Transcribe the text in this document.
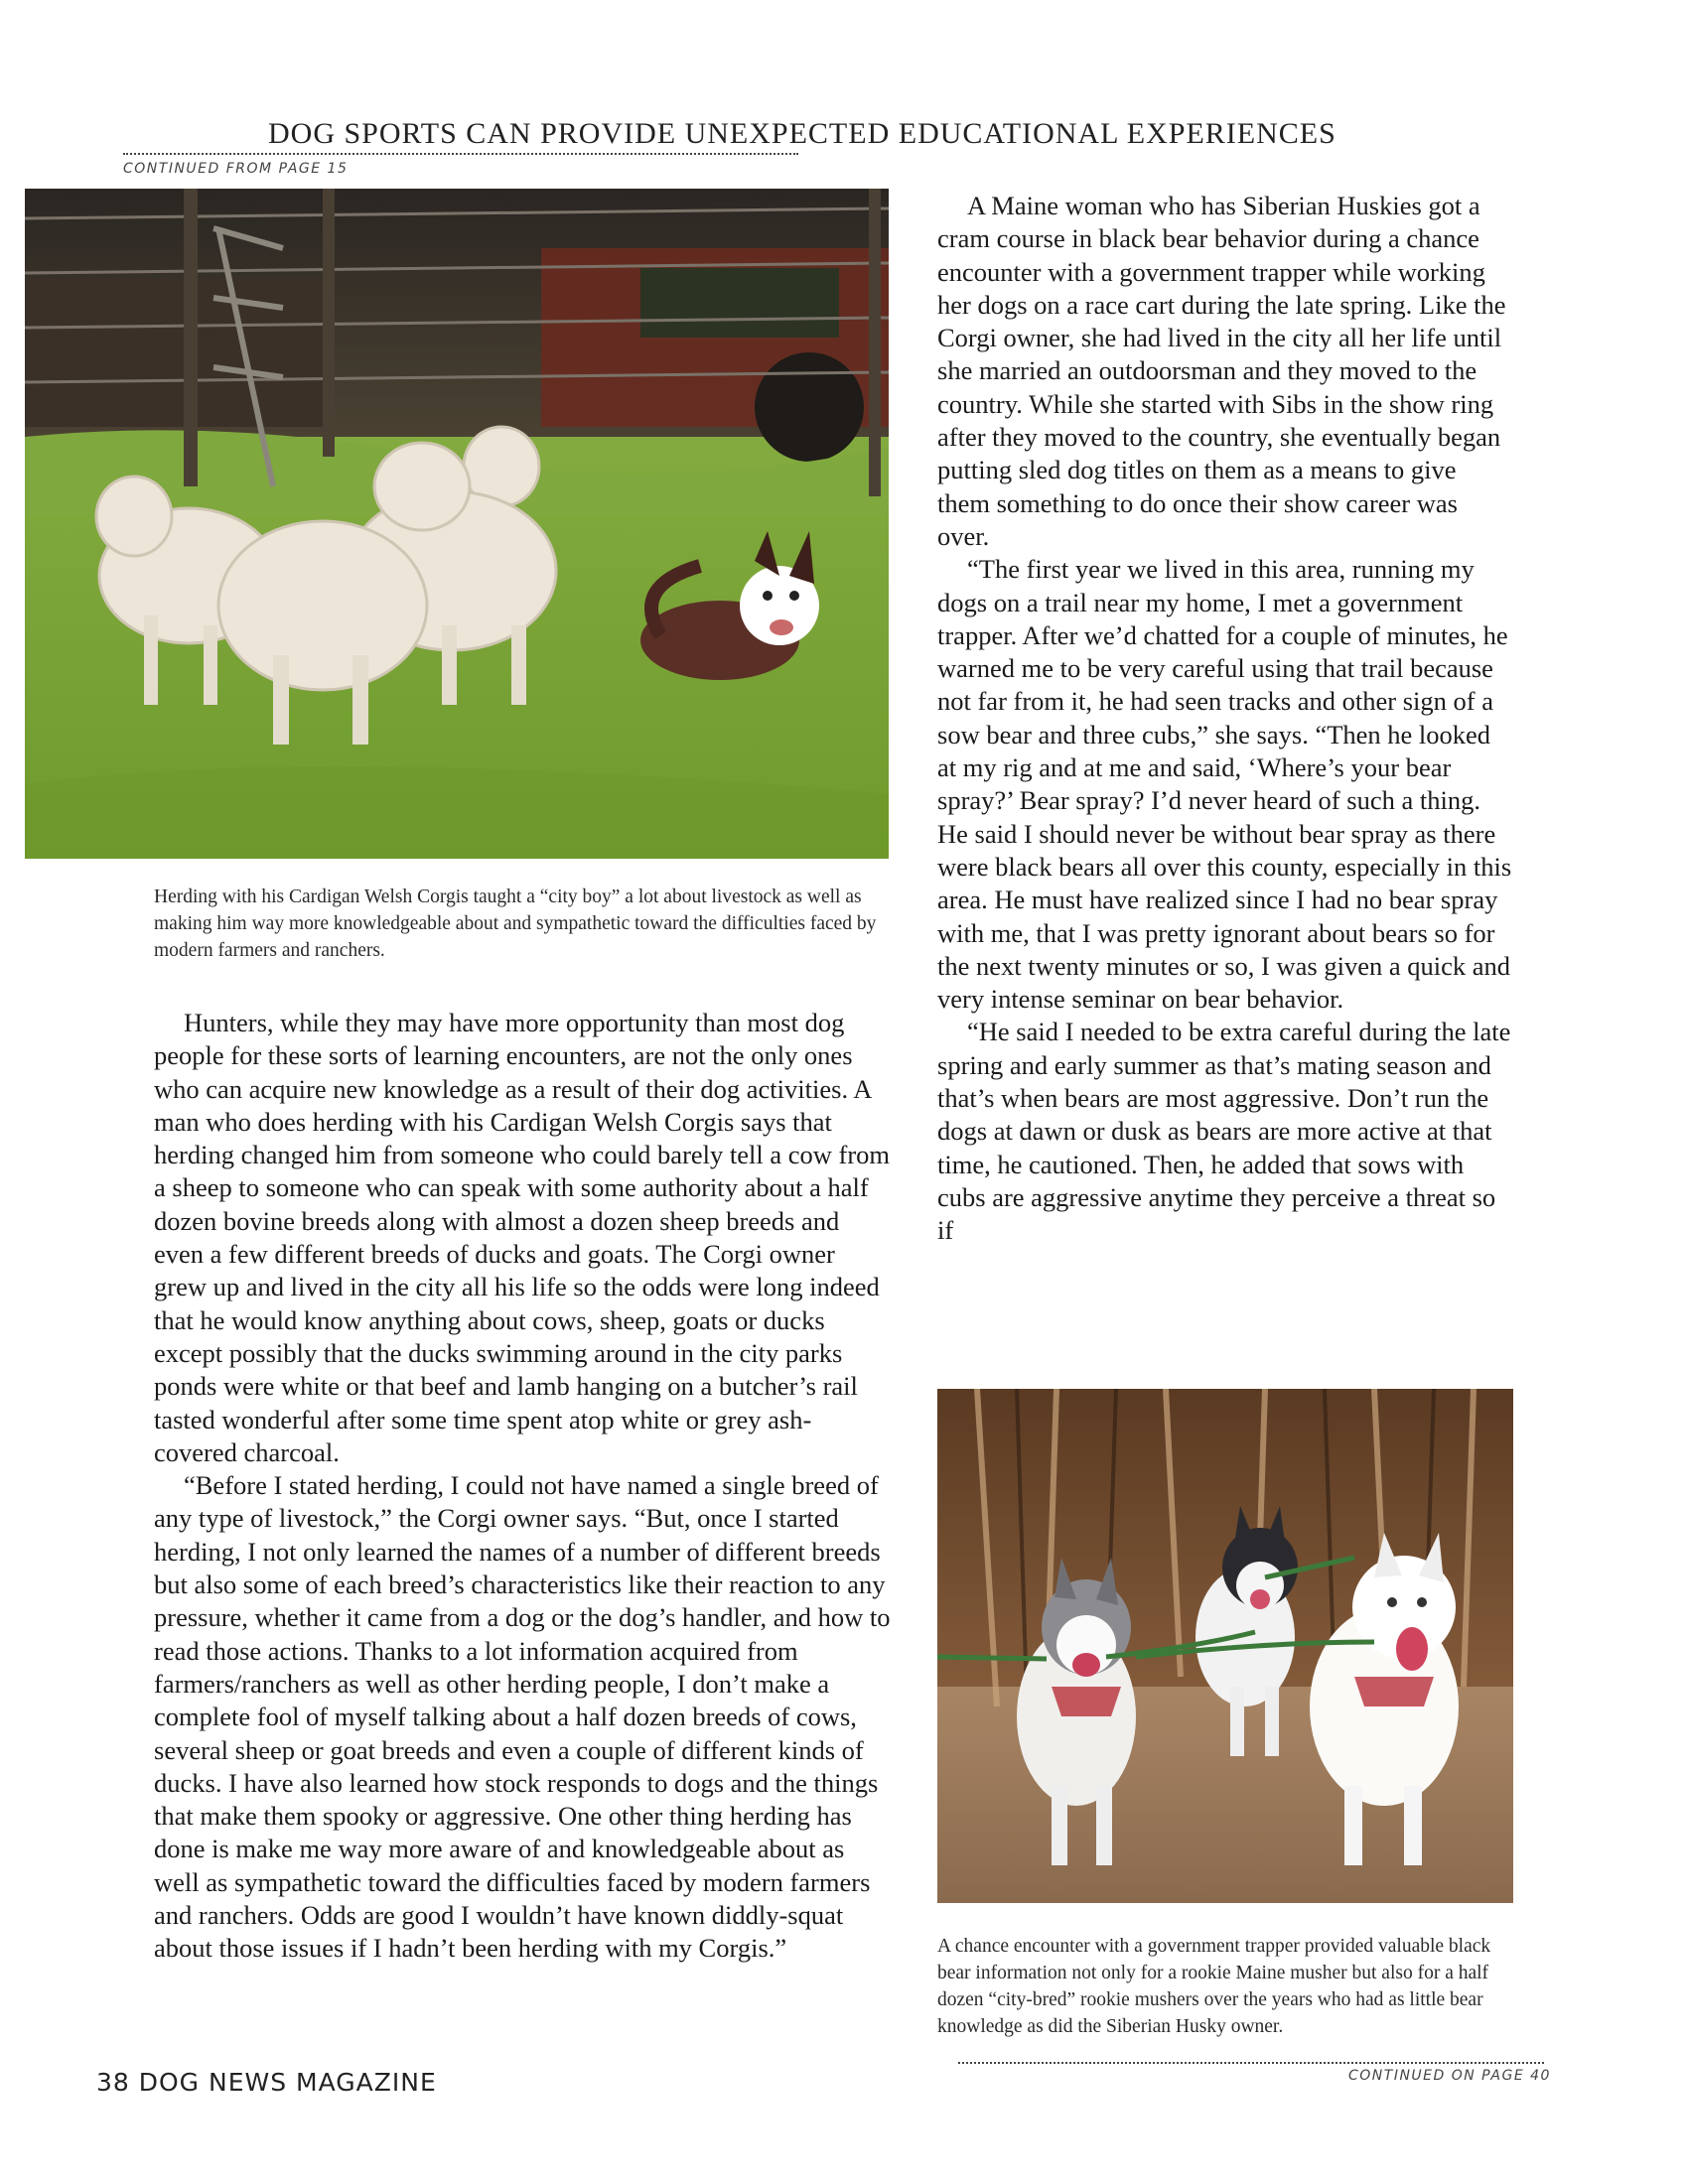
DOG SPORTS CAN PROVIDE UNEXPECTED EDUCATIONAL EXPERIENCES
CONTINUED FROM PAGE 15
Herding with his Cardigan Welsh Corgis taught a “city boy” a lot about livestock as well as making him way more knowledgeable about and sympathetic toward the difficulties faced by modern farmers and ranchers.

Hunters, while they may have more opportunity than most dog people for these sorts of learning encounters, are not the only ones who can acquire new knowledge as a result of their dog activities. A man who does herding with his Cardigan Welsh Corgis says that herding changed him from someone who could barely tell a cow from a sheep to someone who can speak with some authority about a half dozen bovine breeds along with almost a dozen sheep breeds and even a few different breeds of ducks and goats. The Corgi owner grew up and lived in the city all his life so the odds were long indeed that he would know anything about cows, sheep, goats or ducks except possibly that the ducks swimming around in the city parks ponds were white or that beef and lamb hanging on a butcher’s rail tasted wonderful after some time spent atop white or grey ash-covered charcoal.

“Before I stated herding, I could not have named a single breed of any type of livestock,” the Corgi owner says. “But, once I started herding, I not only learned the names of a number of different breeds but also some of each breed’s characteristics like their reaction to any pressure, whether it came from a dog or the dog’s handler, and how to read those actions. Thanks to a lot information acquired from farmers/ranchers as well as other herding people, I don’t make a complete fool of myself talking about a half dozen breeds of cows, several sheep or goat breeds and even a couple of different kinds of ducks. I have also learned how stock responds to dogs and the things that make them spooky or aggressive. One other thing herding has done is make me way more aware of and knowledgeable about as well as sympathetic toward the difficulties faced by modern farmers and ranchers. Odds are good I wouldn’t have known diddly-squat about those issues if I hadn’t been herding with my Corgis.”

A Maine woman who has Siberian Huskies got a cram course in black bear behavior during a chance encounter with a government trapper while working her dogs on a race cart during the late spring. Like the Corgi owner, she had lived in the city all her life until she married an outdoorsman and they moved to the country. While she started with Sibs in the show ring after they moved to the country, she eventually began putting sled dog titles on them as a means to give them something to do once their show career was over.

“The first year we lived in this area, running my dogs on a trail near my home, I met a government trapper. After we’d chatted for a couple of minutes, he warned me to be very careful using that trail because not far from it, he had seen tracks and other sign of a sow bear and three cubs,” she says. “Then he looked at my rig and at me and said, ‘Where’s your bear spray?’ Bear spray? I’d never heard of such a thing. He said I should never be without bear spray as there were black bears all over this county, especially in this area. He must have realized since I had no bear spray with me, that I was pretty ignorant about bears so for the next twenty minutes or so, I was given a quick and very intense seminar on bear behavior.

“He said I needed to be extra careful during the late spring and early summer as that’s mating season and that’s when bears are most aggressive. Don’t run the dogs at dawn or dusk as bears are more active at that time, he cautioned. Then, he added that sows with cubs are aggressive anytime they perceive a threat so if

A chance encounter with a government trapper provided valuable black bear information not only for a rookie Maine musher but also for a half dozen “city-bred” rookie mushers over the years who had as little bear knowledge as did the Siberian Husky owner.
38 DOG NEWS MAGAZINE	CONTINUED ON PAGE 40
